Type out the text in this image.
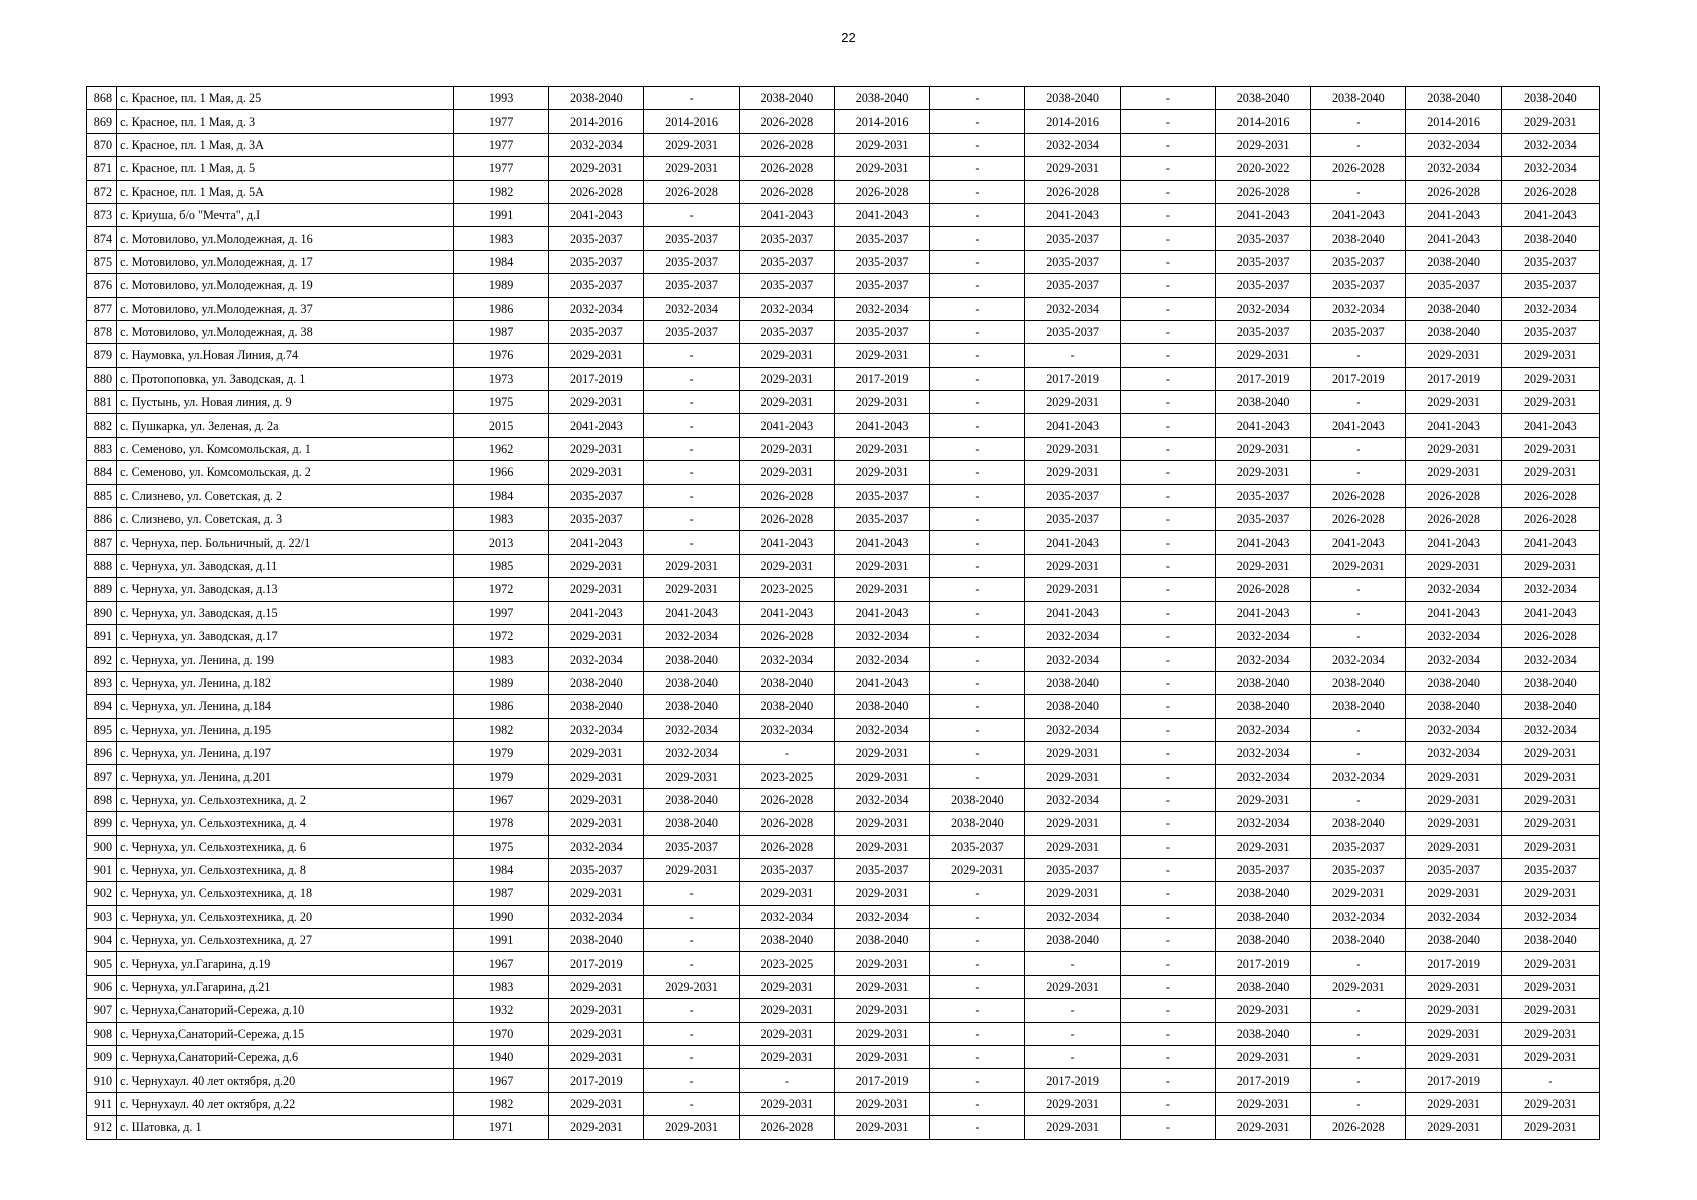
22
868	с. Красное, пл. 1 Мая, д. 25	1993	2038-2040	-	2038-2040	2038-2040	-	2038-2040	-	2038-2040	2038-2040	2038-2040	2038-2040
869	с. Красное, пл. 1 Мая, д. 3	1977	2014-2016	2014-2016	2026-2028	2014-2016	-	2014-2016	-	2014-2016	-	2014-2016	2029-2031
870	с. Красное, пл. 1 Мая, д. 3А	1977	2032-2034	2029-2031	2026-2028	2029-2031	-	2032-2034	-	2029-2031	-	2032-2034	2032-2034
871	с. Красное, пл. 1 Мая, д. 5	1977	2029-2031	2029-2031	2026-2028	2029-2031	-	2029-2031	-	2020-2022	2026-2028	2032-2034	2032-2034
872	с. Красное, пл. 1 Мая, д. 5А	1982	2026-2028	2026-2028	2026-2028	2026-2028	-	2026-2028	-	2026-2028	-	2026-2028	2026-2028
873	с. Криуша, б/о "Мечта", д.I	1991	2041-2043	-	2041-2043	2041-2043	-	2041-2043	-	2041-2043	2041-2043	2041-2043	2041-2043
874	с. Мотовилово, ул.Молодежная, д. 16	1983	2035-2037	2035-2037	2035-2037	2035-2037	-	2035-2037	-	2035-2037	2038-2040	2041-2043	2038-2040
875	с. Мотовилово, ул.Молодежная, д. 17	1984	2035-2037	2035-2037	2035-2037	2035-2037	-	2035-2037	-	2035-2037	2035-2037	2038-2040	2035-2037
876	с. Мотовилово, ул.Молодежная, д. 19	1989	2035-2037	2035-2037	2035-2037	2035-2037	-	2035-2037	-	2035-2037	2035-2037	2035-2037	2035-2037
877	с. Мотовилово, ул.Молодежная, д. 37	1986	2032-2034	2032-2034	2032-2034	2032-2034	-	2032-2034	-	2032-2034	2032-2034	2038-2040	2032-2034
878	с. Мотовилово, ул.Молодежная, д. 38	1987	2035-2037	2035-2037	2035-2037	2035-2037	-	2035-2037	-	2035-2037	2035-2037	2038-2040	2035-2037
879	с. Наумовка, ул.Новая Линия, д.74	1976	2029-2031	-	2029-2031	2029-2031	-	-	-	2029-2031	-	2029-2031	2029-2031
880	с. Протопоповка, ул. Заводская, д. 1	1973	2017-2019	-	2029-2031	2017-2019	-	2017-2019	-	2017-2019	2017-2019	2017-2019	2029-2031
881	с. Пустынь, ул. Новая линия, д. 9	1975	2029-2031	-	2029-2031	2029-2031	-	2029-2031	-	2038-2040	-	2029-2031	2029-2031
882	с. Пушкарка, ул. Зеленая, д. 2а	2015	2041-2043	-	2041-2043	2041-2043	-	2041-2043	-	2041-2043	2041-2043	2041-2043	2041-2043
883	с. Семеново, ул. Комсомольская, д. 1	1962	2029-2031	-	2029-2031	2029-2031	-	2029-2031	-	2029-2031	-	2029-2031	2029-2031
884	с. Семеново, ул. Комсомольская, д. 2	1966	2029-2031	-	2029-2031	2029-2031	-	2029-2031	-	2029-2031	-	2029-2031	2029-2031
885	с. Слизнево, ул. Советская, д. 2	1984	2035-2037	-	2026-2028	2035-2037	-	2035-2037	-	2035-2037	2026-2028	2026-2028	2026-2028
886	с. Слизнево, ул. Советская, д. 3	1983	2035-2037	-	2026-2028	2035-2037	-	2035-2037	-	2035-2037	2026-2028	2026-2028	2026-2028
887	с. Чернуха, пер. Больничный, д. 22/1	2013	2041-2043	-	2041-2043	2041-2043	-	2041-2043	-	2041-2043	2041-2043	2041-2043	2041-2043
888	с. Чернуха, ул. Заводская, д.11	1985	2029-2031	2029-2031	2029-2031	2029-2031	-	2029-2031	-	2029-2031	2029-2031	2029-2031	2029-2031
889	с. Чернуха, ул. Заводская, д.13	1972	2029-2031	2029-2031	2023-2025	2029-2031	-	2029-2031	-	2026-2028	-	2032-2034	2032-2034
890	с. Чернуха, ул. Заводская, д.15	1997	2041-2043	2041-2043	2041-2043	2041-2043	-	2041-2043	-	2041-2043	-	2041-2043	2041-2043
891	с. Чернуха, ул. Заводская, д.17	1972	2029-2031	2032-2034	2026-2028	2032-2034	-	2032-2034	-	2032-2034	-	2032-2034	2026-2028
892	с. Чернуха, ул. Ленина, д. 199	1983	2032-2034	2038-2040	2032-2034	2032-2034	-	2032-2034	-	2032-2034	2032-2034	2032-2034	2032-2034
893	с. Чернуха, ул. Ленина, д.182	1989	2038-2040	2038-2040	2038-2040	2041-2043	-	2038-2040	-	2038-2040	2038-2040	2038-2040	2038-2040
894	с. Чернуха, ул. Ленина, д.184	1986	2038-2040	2038-2040	2038-2040	2038-2040	-	2038-2040	-	2038-2040	2038-2040	2038-2040	2038-2040
895	с. Чернуха, ул. Ленина, д.195	1982	2032-2034	2032-2034	2032-2034	2032-2034	-	2032-2034	-	2032-2034	-	2032-2034	2032-2034
896	с. Чернуха, ул. Ленина, д.197	1979	2029-2031	2032-2034	-	2029-2031	-	2029-2031	-	2032-2034	-	2032-2034	2029-2031
897	с. Чернуха, ул. Ленина, д.201	1979	2029-2031	2029-2031	2023-2025	2029-2031	-	2029-2031	-	2032-2034	2032-2034	2029-2031	2029-2031
898	с. Чернуха, ул. Сельхозтехника, д. 2	1967	2029-2031	2038-2040	2026-2028	2032-2034	2038-2040	2032-2034	-	2029-2031	-	2029-2031	2029-2031
899	с. Чернуха, ул. Сельхозтехника, д. 4	1978	2029-2031	2038-2040	2026-2028	2029-2031	2038-2040	2029-2031	-	2032-2034	2038-2040	2029-2031	2029-2031
900	с. Чернуха, ул. Сельхозтехника, д. 6	1975	2032-2034	2035-2037	2026-2028	2029-2031	2035-2037	2029-2031	-	2029-2031	2035-2037	2029-2031	2029-2031
901	с. Чернуха, ул. Сельхозтехника, д. 8	1984	2035-2037	2029-2031	2035-2037	2035-2037	2029-2031	2035-2037	-	2035-2037	2035-2037	2035-2037	2035-2037
902	с. Чернуха, ул. Сельхозтехника, д. 18	1987	2029-2031	-	2029-2031	2029-2031	-	2029-2031	-	2038-2040	2029-2031	2029-2031	2029-2031
903	с. Чернуха, ул. Сельхозтехника, д. 20	1990	2032-2034	-	2032-2034	2032-2034	-	2032-2034	-	2038-2040	2032-2034	2032-2034	2032-2034
904	с. Чернуха, ул. Сельхозтехника, д. 27	1991	2038-2040	-	2038-2040	2038-2040	-	2038-2040	-	2038-2040	2038-2040	2038-2040	2038-2040
905	с. Чернуха, ул.Гагарина, д.19	1967	2017-2019	-	2023-2025	2029-2031	-	-	-	2017-2019	-	2017-2019	2029-2031
906	с. Чернуха, ул.Гагарина, д.21	1983	2029-2031	2029-2031	2029-2031	2029-2031	-	2029-2031	-	2038-2040	2029-2031	2029-2031	2029-2031
907	с. Чернуха,Санаторий-Сережа, д.10	1932	2029-2031	-	2029-2031	2029-2031	-	-	-	2029-2031	-	2029-2031	2029-2031
908	с. Чернуха,Санаторий-Сережа, д.15	1970	2029-2031	-	2029-2031	2029-2031	-	-	-	2038-2040	-	2029-2031	2029-2031
909	с. Чернуха,Санаторий-Сережа, д.6	1940	2029-2031	-	2029-2031	2029-2031	-	-	-	2029-2031	-	2029-2031	2029-2031
910	с. Чернухаул. 40 лет октября, д.20	1967	2017-2019	-	-	2017-2019	-	2017-2019	-	2017-2019	-	2017-2019	-
911	с. Чернухаул. 40 лет октября, д.22	1982	2029-2031	-	2029-2031	2029-2031	-	2029-2031	-	2029-2031	-	2029-2031	2029-2031
912	с. Шатовка, д. 1	1971	2029-2031	2029-2031	2026-2028	2029-2031	-	2029-2031	-	2029-2031	2026-2028	2029-2031	2029-2031
